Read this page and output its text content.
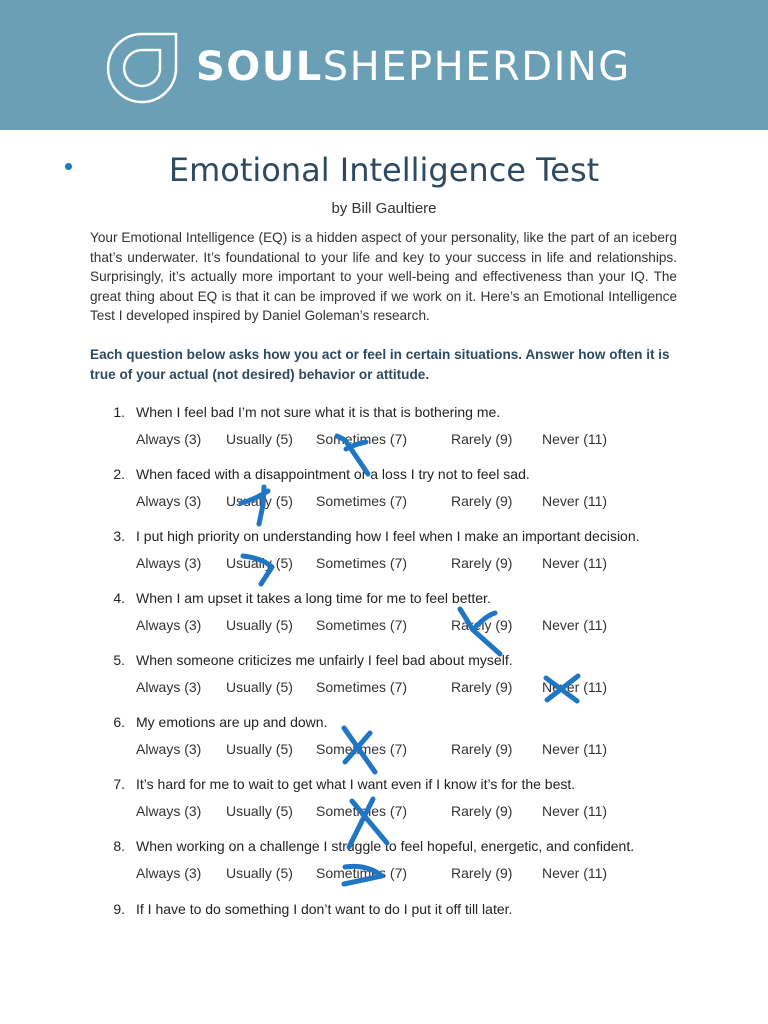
SOULSHEPHERDING
Emotional Intelligence Test
by Bill Gaultiere

Your Emotional Intelligence (EQ) is a hidden aspect of your personality, like the part of an iceberg that’s underwater. It’s foundational to your life and key to your success in life and relationships. Surprisingly, it’s actually more important to your well-being and effectiveness than your IQ. The great thing about EQ is that it can be improved if we work on it. Here’s an Emotional Intelligence Test I developed inspired by Daniel Goleman’s research.

Each question below asks how you act or feel in certain situations. Answer how often it is true of your actual (not desired) behavior or attitude.

1. When I feel bad I’m not sure what it is that is bothering me.
Always (3) Usually (5) Sometimes (7)	Rarely (9) Never (11)
2. When faced with a disappointment or a loss I try not to feel sad.
Always (3) Usually (5) Sometimes (7)	Rarely (9) Never (11)
3. I put high priority on understanding how I feel when I make an important decision.
Always (3) Usually (5) Sometimes (7)	Rarely (9) Never (11)
4. When I am upset it takes a long time for me to feel better.
Always (3) Usually (5) Sometimes (7)	Rarely (9) Never (11)
5. When someone criticizes me unfairly I feel bad about myself.
Always (3) Usually (5) Sometimes (7)	Rarely (9) Never (11)
6. My emotions are up and down.
Always (3) Usually (5) Sometimes (7)	Rarely (9) Never (11)
7. It’s hard for me to wait to get what I want even if I know it’s for the best.
Always (3) Usually (5) Sometimes (7)	Rarely (9) Never (11)
8. When working on a challenge I struggle to feel hopeful, energetic, and confident.
Always (3) Usually (5) Sometimes (7)	Rarely (9) Never (11)
9. If I have to do something I don’t want to do I put it off till later.
